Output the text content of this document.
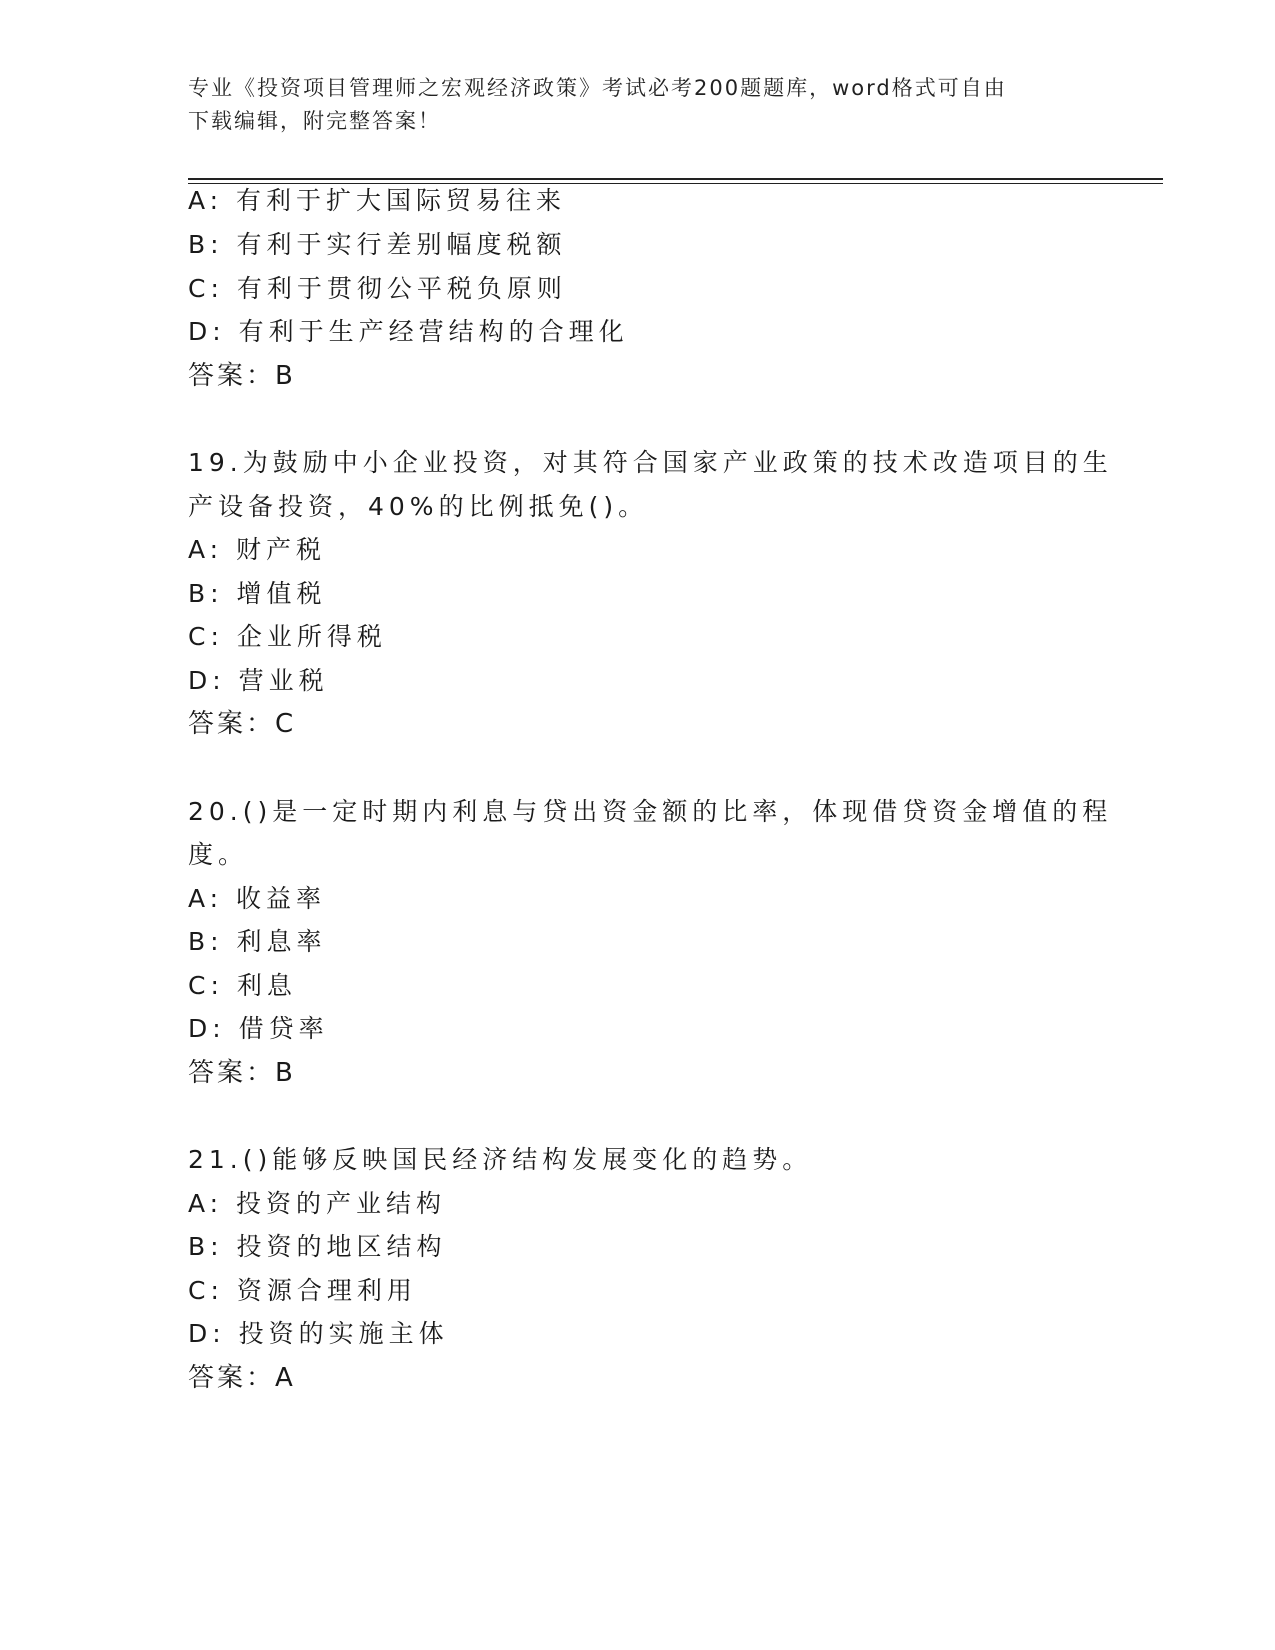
专业《投资项目管理师之宏观经济政策》考试必考200题题库，word格式可自由
下载编辑，附完整答案！
A: 有利于扩大国际贸易往来
B: 有利于实行差别幅度税额
C: 有利于贯彻公平税负原则
D: 有利于生产经营结构的合理化
答案：B
19.为鼓励中小企业投资，对其符合国家产业政策的技术改造项目的生
产设备投资，40%的比例抵免()。
A: 财产税
B: 增值税
C: 企业所得税
D: 营业税
答案：C
20.()是一定时期内利息与贷出资金额的比率，体现借贷资金增值的程
度。
A: 收益率
B: 利息率
C: 利息
D: 借贷率
答案：B
21.()能够反映国民经济结构发展变化的趋势。
A: 投资的产业结构
B: 投资的地区结构
C: 资源合理利用
D: 投资的实施主体
答案：A
